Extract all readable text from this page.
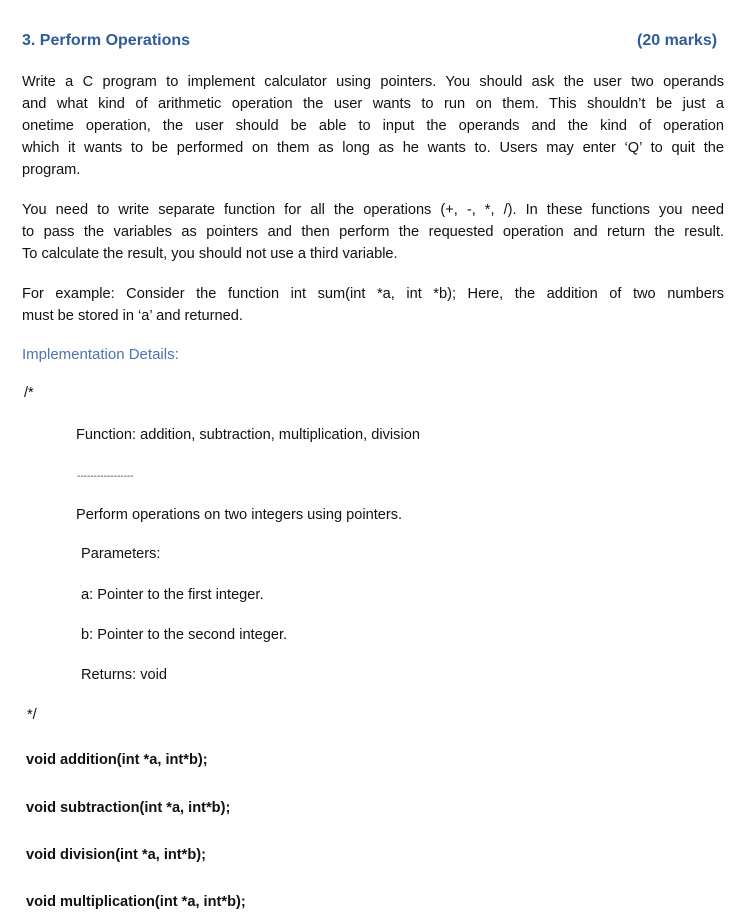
3. Perform Operations	(20 marks)
Write a C program to implement calculator using pointers. You should ask the user two operands
and what kind of arithmetic operation the user wants to run on them. This shouldn’t be just a
onetime operation, the user should be able to input the operands and the kind of operation
which it wants to be performed on them as long as he wants to. Users may enter ‘Q’ to quit the
program.
You need to write separate function for all the operations (+, -, *, /). In these functions you need
to pass the variables as pointers and then perform the requested operation and return the result.
To calculate the result, you should not use a third variable.
For example: Consider the function int sum(int *a, int *b); Here, the addition of two numbers
must be stored in ‘a’ and returned.
Implementation Details:
/*
Function: addition, subtraction, multiplication, division
-----------------
Perform operations on two integers using pointers.
Parameters:
a: Pointer to the first integer.
b: Pointer to the second integer.
Returns: void
*/
void addition(int *a, int*b);
void subtraction(int *a, int*b);
void division(int *a, int*b);
void multiplication(int *a, int*b);
